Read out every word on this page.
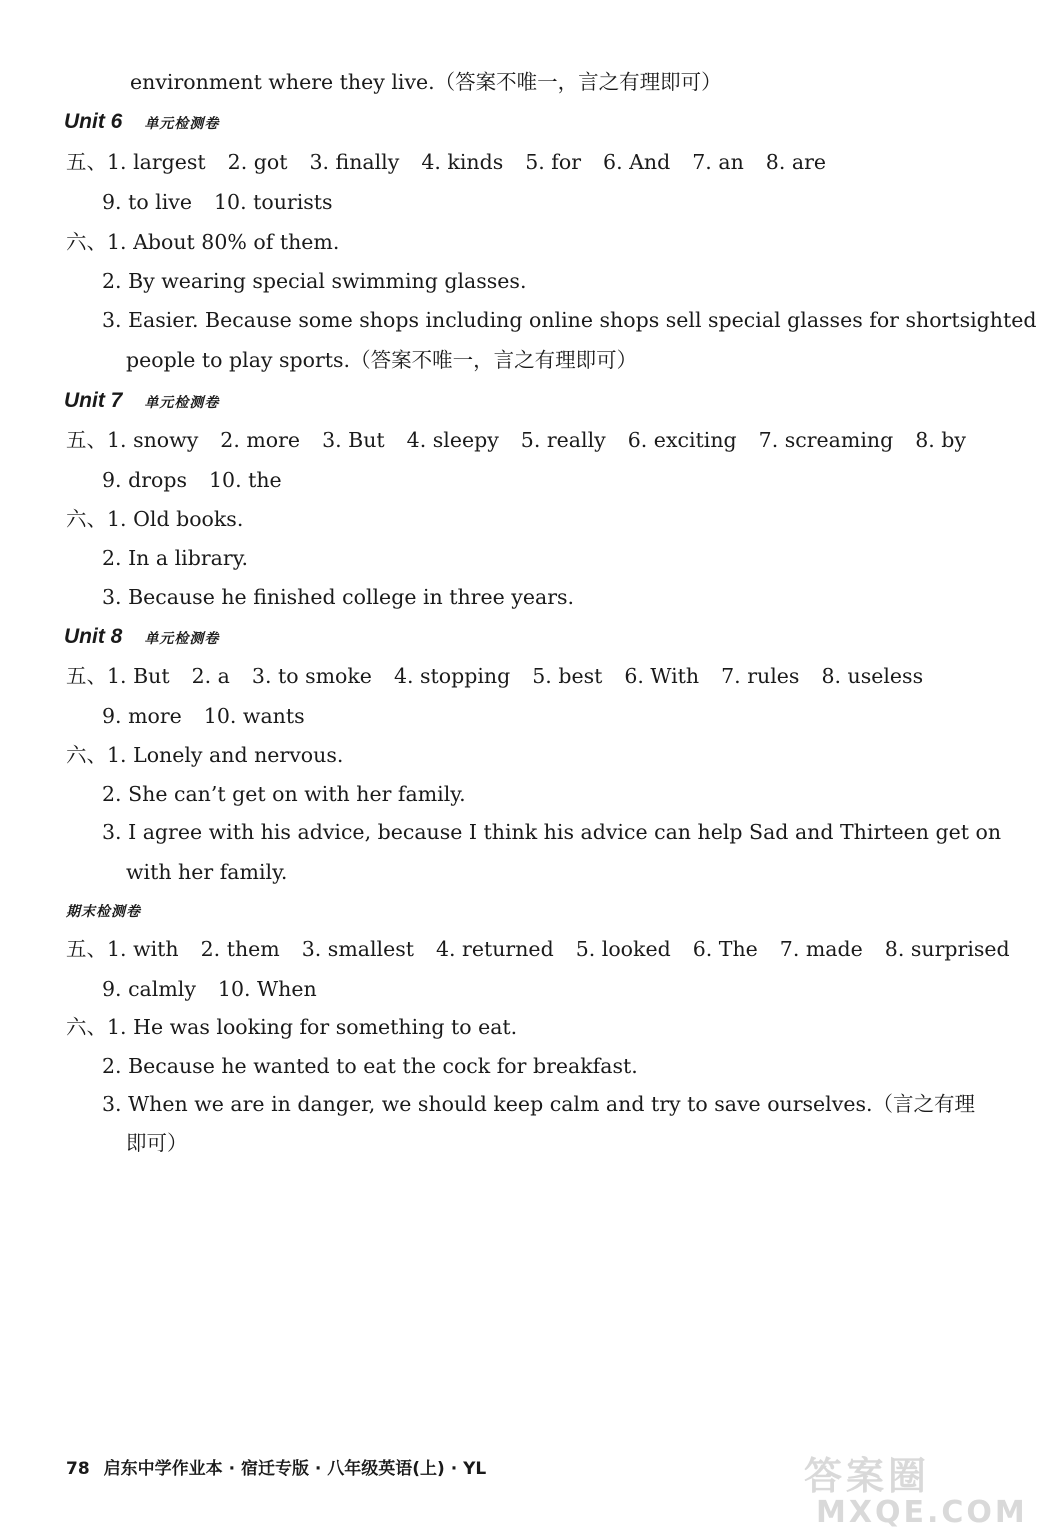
environment where they live.（答案不唯一，言之有理即可）
Unit 6 单元检测卷
五、1. largest 2. got 3. finally 4. kinds 5. for 6. And 7. an 8. are
9. to live 10. tourists
六、1. About 80% of them.
2. By wearing special swimming glasses.
3. Easier. Because some shops including online shops sell special glasses for shortsighted
people to play sports.（答案不唯一，言之有理即可）
Unit 7 单元检测卷
五、1. snowy 2. more 3. But 4. sleepy 5. really 6. exciting 7. screaming 8. by
9. drops 10. the
六、1. Old books.
2. In a library.
3. Because he finished college in three years.
Unit 8 单元检测卷
五、1. But 2. a 3. to smoke 4. stopping 5. best 6. With 7. rules 8. useless
9. more 10. wants
六、1. Lonely and nervous.
2. She can’t get on with her family.
3. I agree with his advice, because I think his advice can help Sad and Thirteen get on
with her family.
期末检测卷
五、1. with 2. them 3. smallest 4. returned 5. looked 6. The 7. made 8. surprised
9. calmly 10. When
六、1. He was looking for something to eat.
2. Because he wanted to eat the cock for breakfast.
3. When we are in danger, we should keep calm and try to save ourselves.（言之有理
即可）
78 启东中学作业本 · 宿迁专版 · 八年级英语(上) · YL	答案圈
MXQE.COM
